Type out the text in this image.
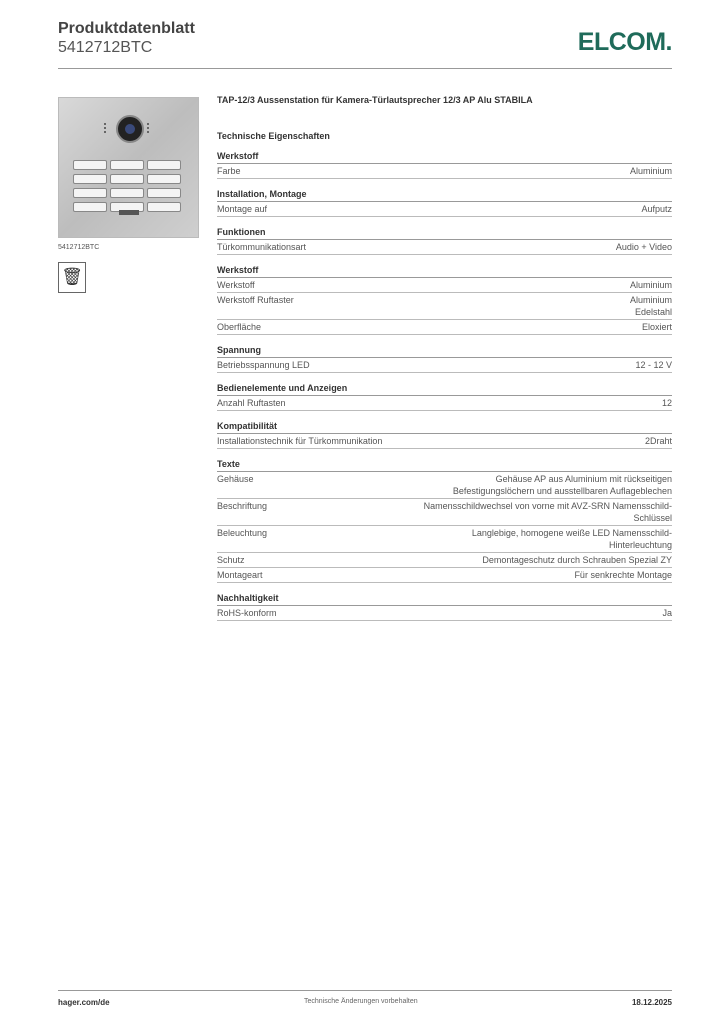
Produktdatenblatt
5412712BTC	ELCOM.
5412712BTC
🗑
TAP-12/3 Aussenstation für Kamera-Türlautsprecher 12/3 AP Alu STABILA
Technische Eigenschaften
Werkstoff
Farbe	Aluminium
Installation, Montage
Montage auf	Aufputz
Funktionen
Türkommunikationsart	Audio + Video
Werkstoff
Werkstoff	Aluminium
Werkstoff Ruftaster	Aluminium
Edelstahl
Oberfläche	Eloxiert
Spannung
Betriebsspannung LED	12 - 12 V
Bedienelemente und Anzeigen
Anzahl Ruftasten	12
Kompatibilität
Installationstechnik für Türkommunikation	2Draht
Texte
Gehäuse	Gehäuse AP aus Aluminium mit rückseitigen
Befestigungslöchern und ausstellbaren Auflageblechen
Beschriftung	Namensschildwechsel von vorne mit AVZ-SRN Namensschild-
Schlüssel
Beleuchtung	Langlebige, homogene weiße LED Namensschild-
Hinterleuchtung
Schutz	Demontageschutz durch Schrauben Spezial ZY
Montageart	Für senkrechte Montage
Nachhaltigkeit
RoHS-konform	Ja
hager.com/de	Technische Änderungen vorbehalten	18.12.2025
